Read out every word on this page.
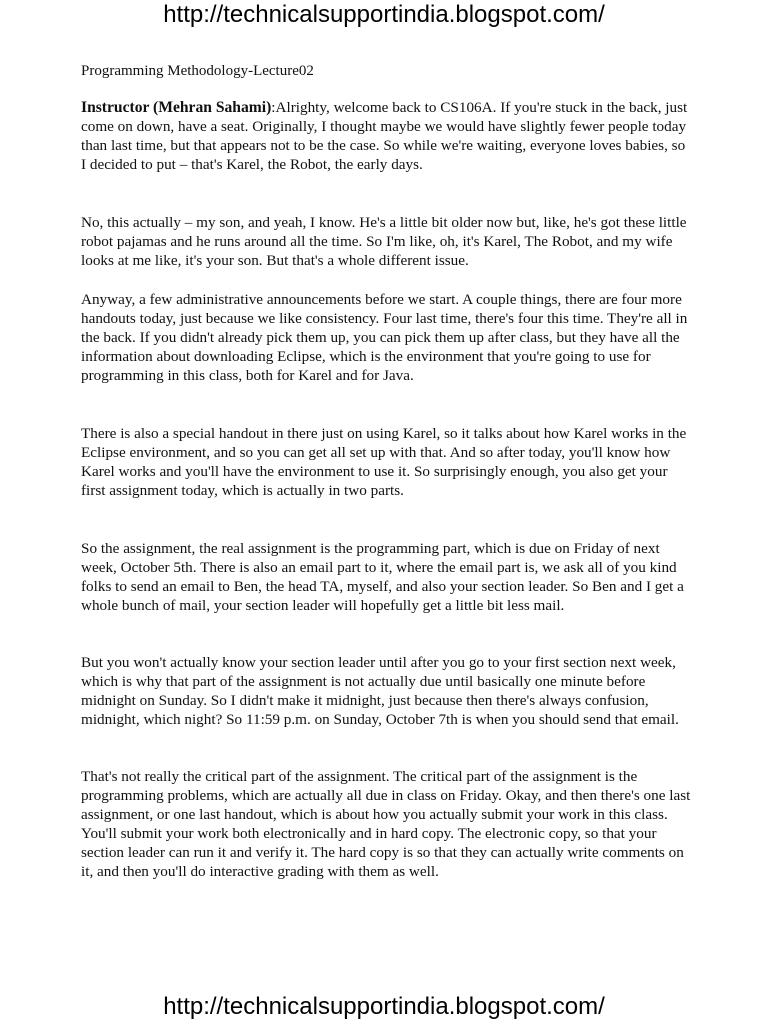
http://technicalsupportindia.blogspot.com/

Programming Methodology-Lecture02

Instructor (Mehran Sahami):Alrighty, welcome back to CS106A. If you're stuck in the back, just come on down, have a seat. Originally, I thought maybe we would have slightly fewer people today than last time, but that appears not to be the case. So while we're waiting, everyone loves babies, so I decided to put – that's Karel, the Robot, the early days.

No, this actually – my son, and yeah, I know. He's a little bit older now but, like, he's got these little robot pajamas and he runs around all the time. So I'm like, oh, it's Karel, The Robot, and my wife looks at me like, it's your son. But that's a whole different issue.

Anyway, a few administrative announcements before we start. A couple things, there are four more handouts today, just because we like consistency. Four last time, there's four this time. They're all in the back. If you didn't already pick them up, you can pick them up after class, but they have all the information about downloading Eclipse, which is the environment that you're going to use for programming in this class, both for Karel and for Java.

There is also a special handout in there just on using Karel, so it talks about how Karel works in the Eclipse environment, and so you can get all set up with that. And so after today, you'll know how Karel works and you'll have the environment to use it. So surprisingly enough, you also get your first assignment today, which is actually in two parts.

So the assignment, the real assignment is the programming part, which is due on Friday of next week, October 5th. There is also an email part to it, where the email part is, we ask all of you kind folks to send an email to Ben, the head TA, myself, and also your section leader. So Ben and I get a whole bunch of mail, your section leader will hopefully get a little bit less mail.

But you won't actually know your section leader until after you go to your first section next week, which is why that part of the assignment is not actually due until basically one minute before midnight on Sunday. So I didn't make it midnight, just because then there's always confusion, midnight, which night? So 11:59 p.m. on Sunday, October 7th is when you should send that email.

That's not really the critical part of the assignment. The critical part of the assignment is the programming problems, which are actually all due in class on Friday. Okay, and then there's one last assignment, or one last handout, which is about how you actually submit your work in this class. You'll submit your work both electronically and in hard copy. The electronic copy, so that your section leader can run it and verify it. The hard copy is so that they can actually write comments on it, and then you'll do interactive grading with them as well.

http://technicalsupportindia.blogspot.com/
